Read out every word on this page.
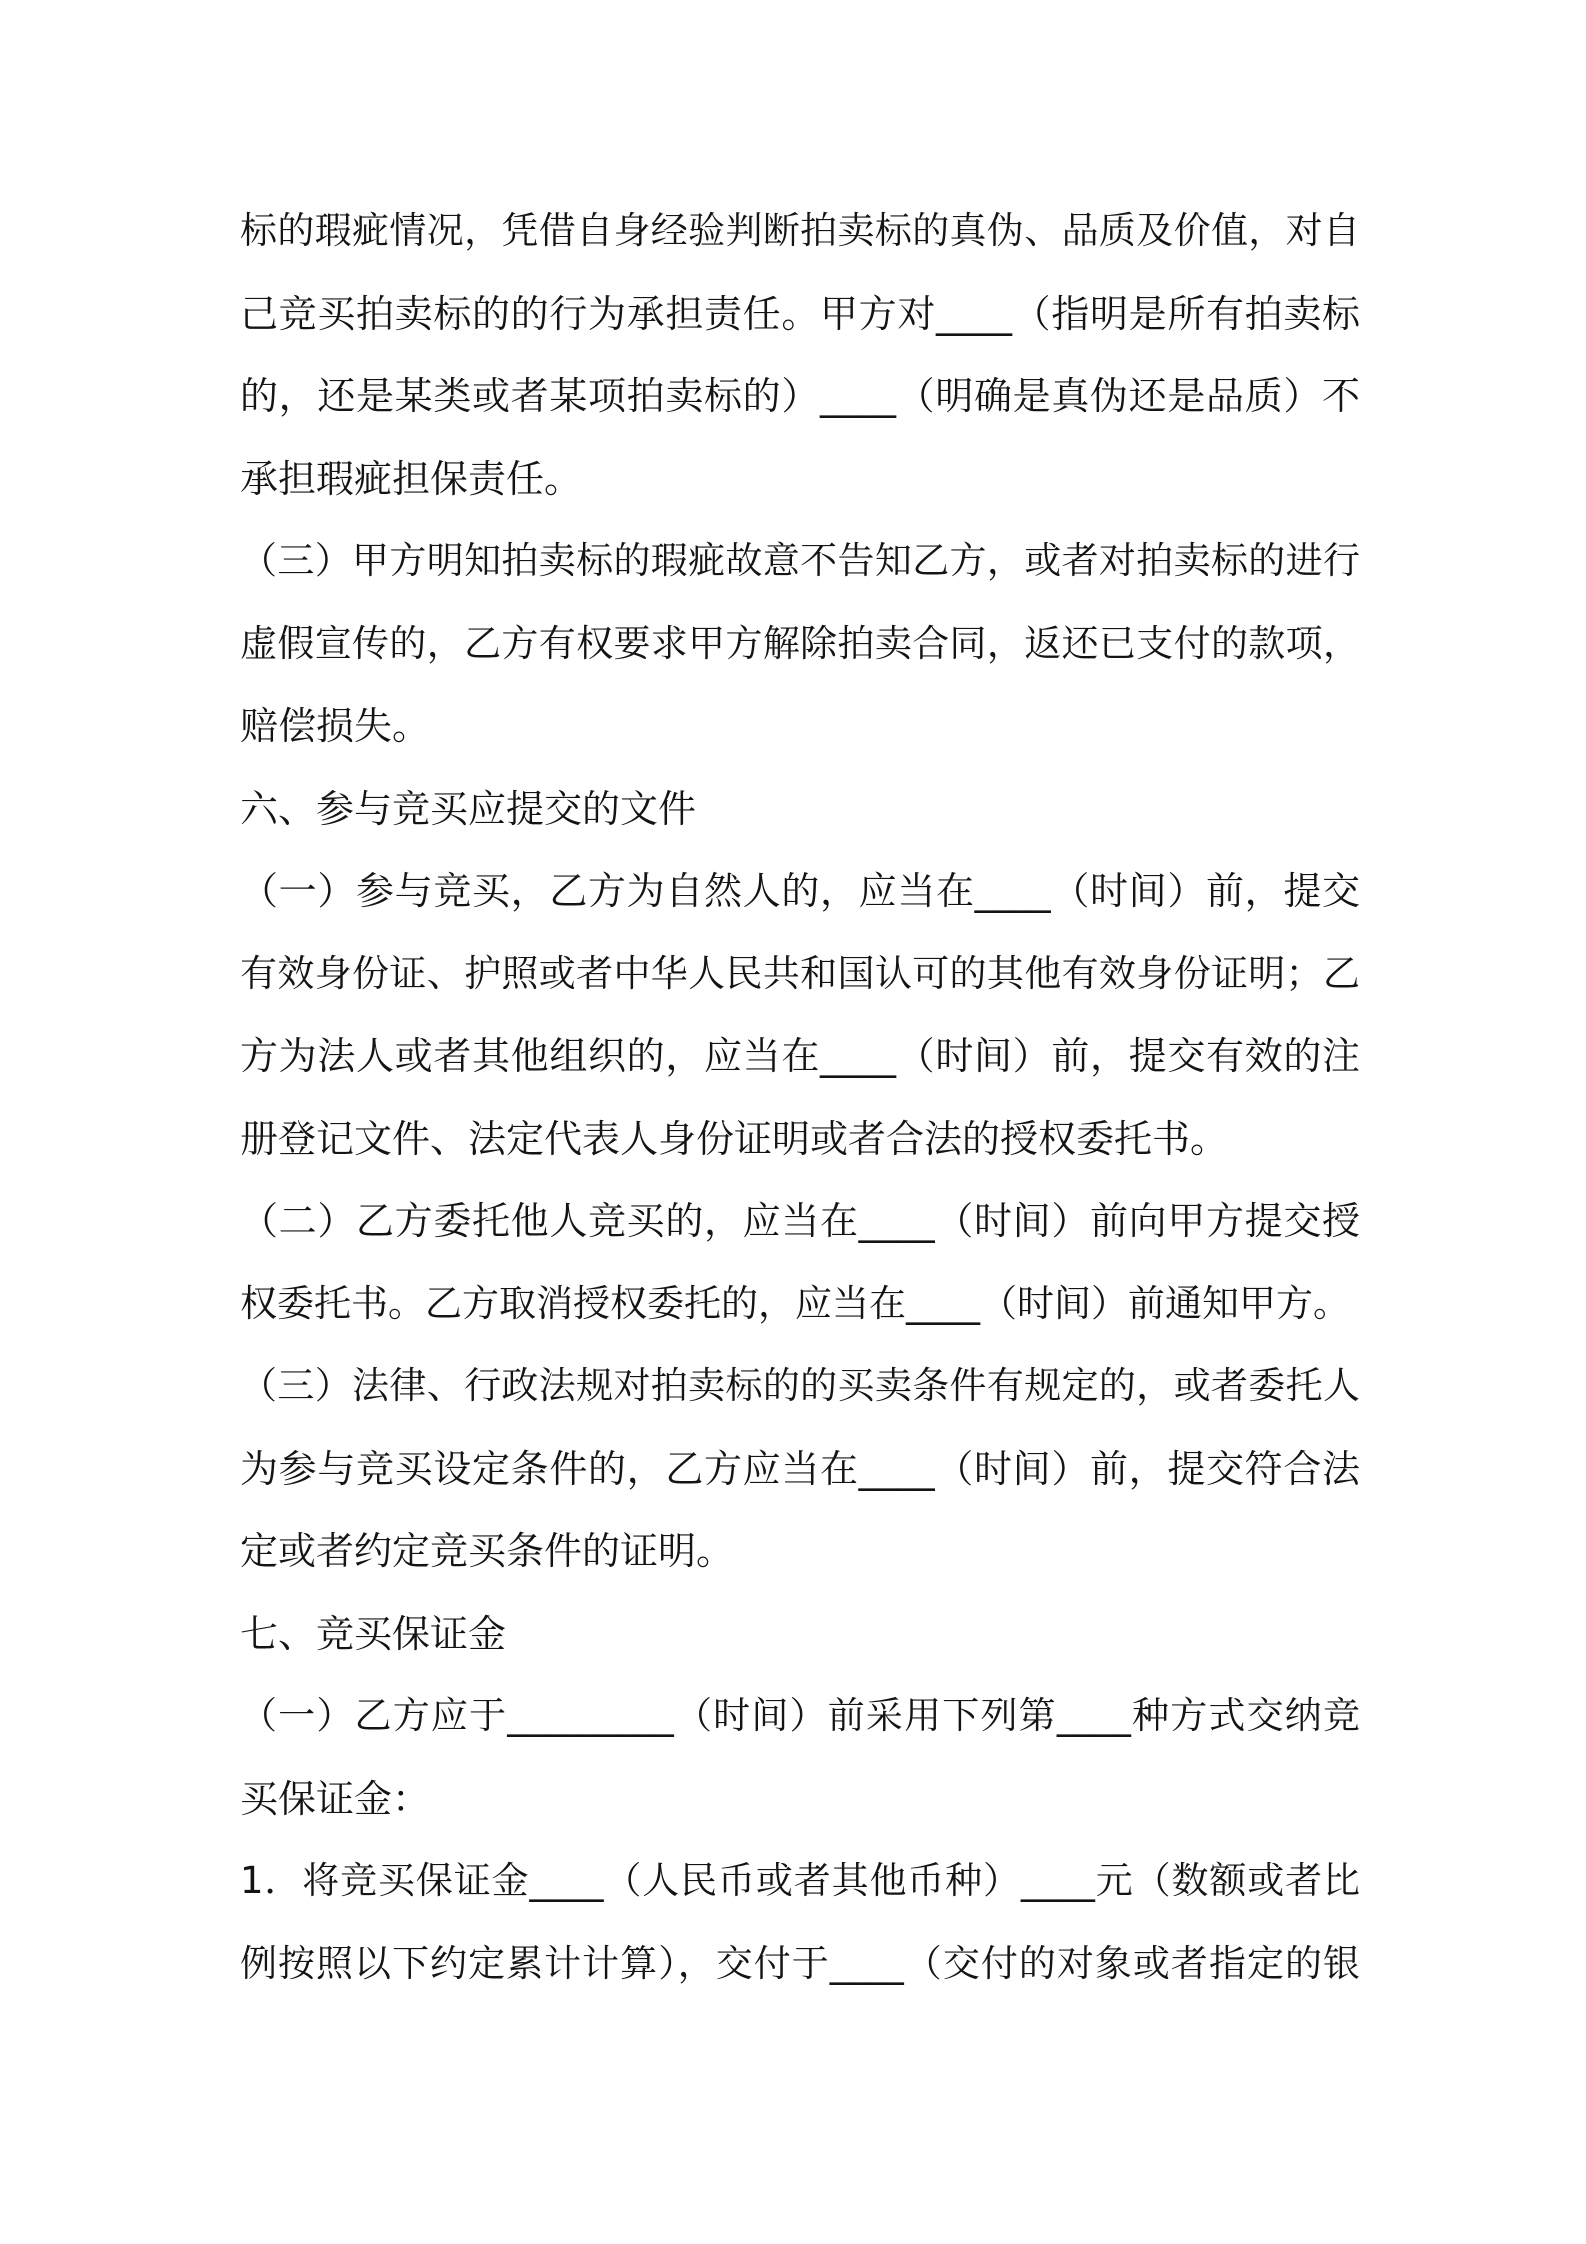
标的瑕疵情况，凭借自身经验判断拍卖标的真伪、品质及价值，对自
己竞买拍卖标的的行为承担责任。甲方对____（指明是所有拍卖标
的，还是某类或者某项拍卖标的）____（明确是真伪还是品质）不
承担瑕疵担保责任。
（三）甲方明知拍卖标的瑕疵故意不告知乙方，或者对拍卖标的进行
虚假宣传的，乙方有权要求甲方解除拍卖合同，返还已支付的款项，
赔偿损失。
六、参与竞买应提交的文件
（一）参与竞买，乙方为自然人的，应当在____（时间）前，提交
有效身份证、护照或者中华人民共和国认可的其他有效身份证明；乙
方为法人或者其他组织的，应当在____（时间）前，提交有效的注
册登记文件、法定代表人身份证明或者合法的授权委托书。
（二）乙方委托他人竞买的，应当在____（时间）前向甲方提交授
权委托书。乙方取消授权委托的，应当在____（时间）前通知甲方。
（三）法律、行政法规对拍卖标的的买卖条件有规定的，或者委托人
为参与竞买设定条件的，乙方应当在____（时间）前，提交符合法
定或者约定竞买条件的证明。
七、竞买保证金
（一）乙方应于_________（时间）前采用下列第____种方式交纳竞
买保证金：
1．将竞买保证金____（人民币或者其他币种）____元（数额或者比
例按照以下约定累计计算），交付于____（交付的对象或者指定的银
